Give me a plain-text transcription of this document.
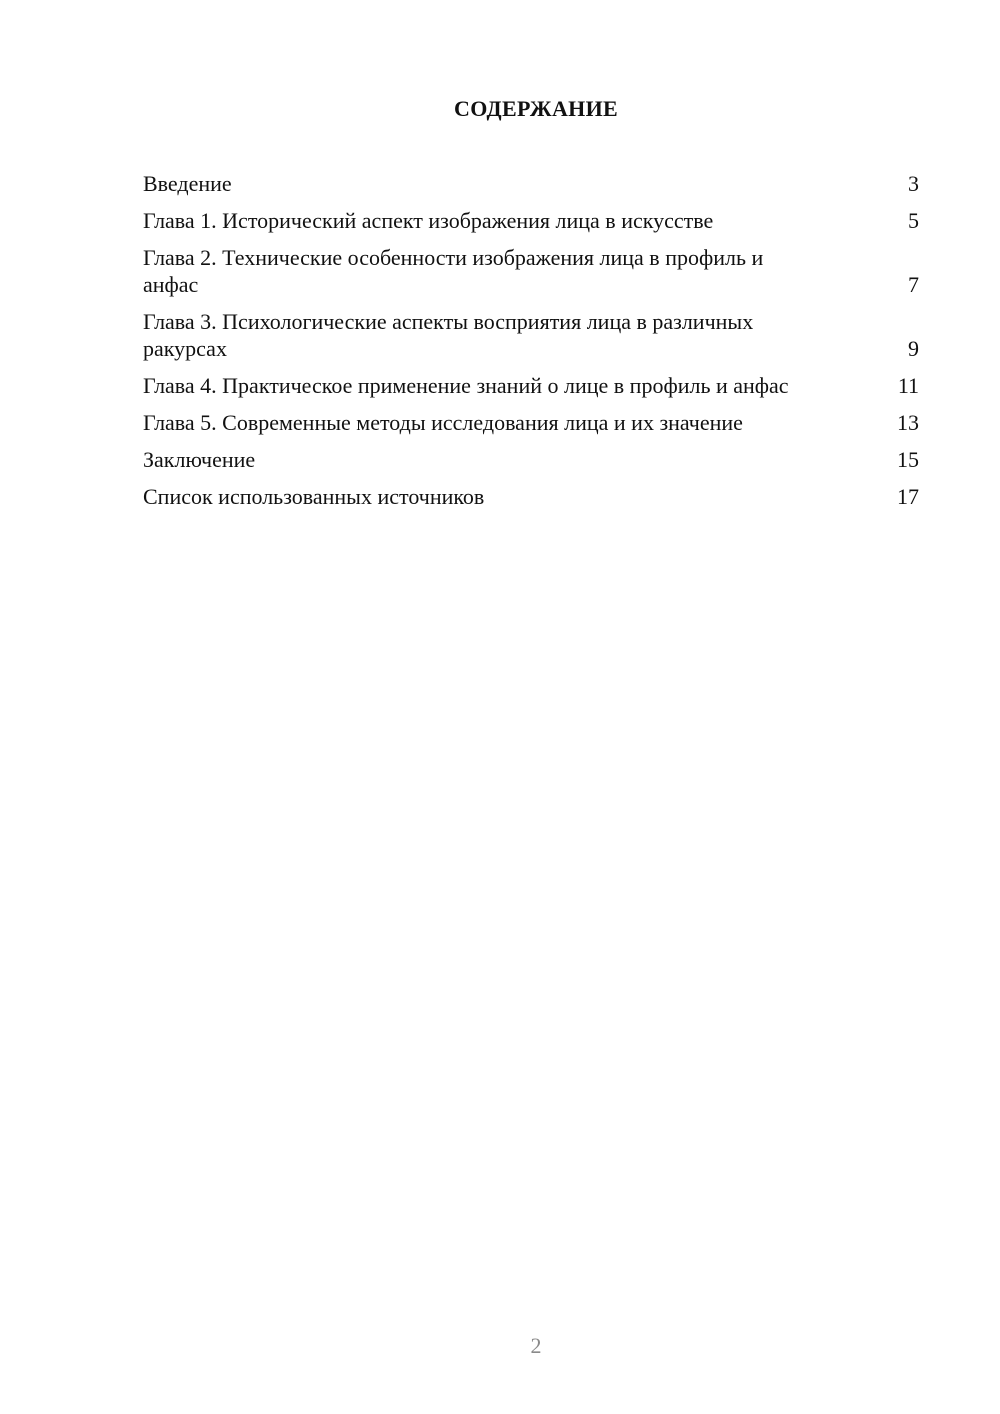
СОДЕРЖАНИЕ
Введение	3
Глава 1. Исторический аспект изображения лица в искусстве	5
Глава 2. Технические особенности изображения лица в профиль и анфас	7
Глава 3. Психологические аспекты восприятия лица в различных ракурсах	9
Глава 4. Практическое применение знаний о лице в профиль и анфас	11
Глава 5. Современные методы исследования лица и их значение	13
Заключение	15
Список использованных источников	17
2
